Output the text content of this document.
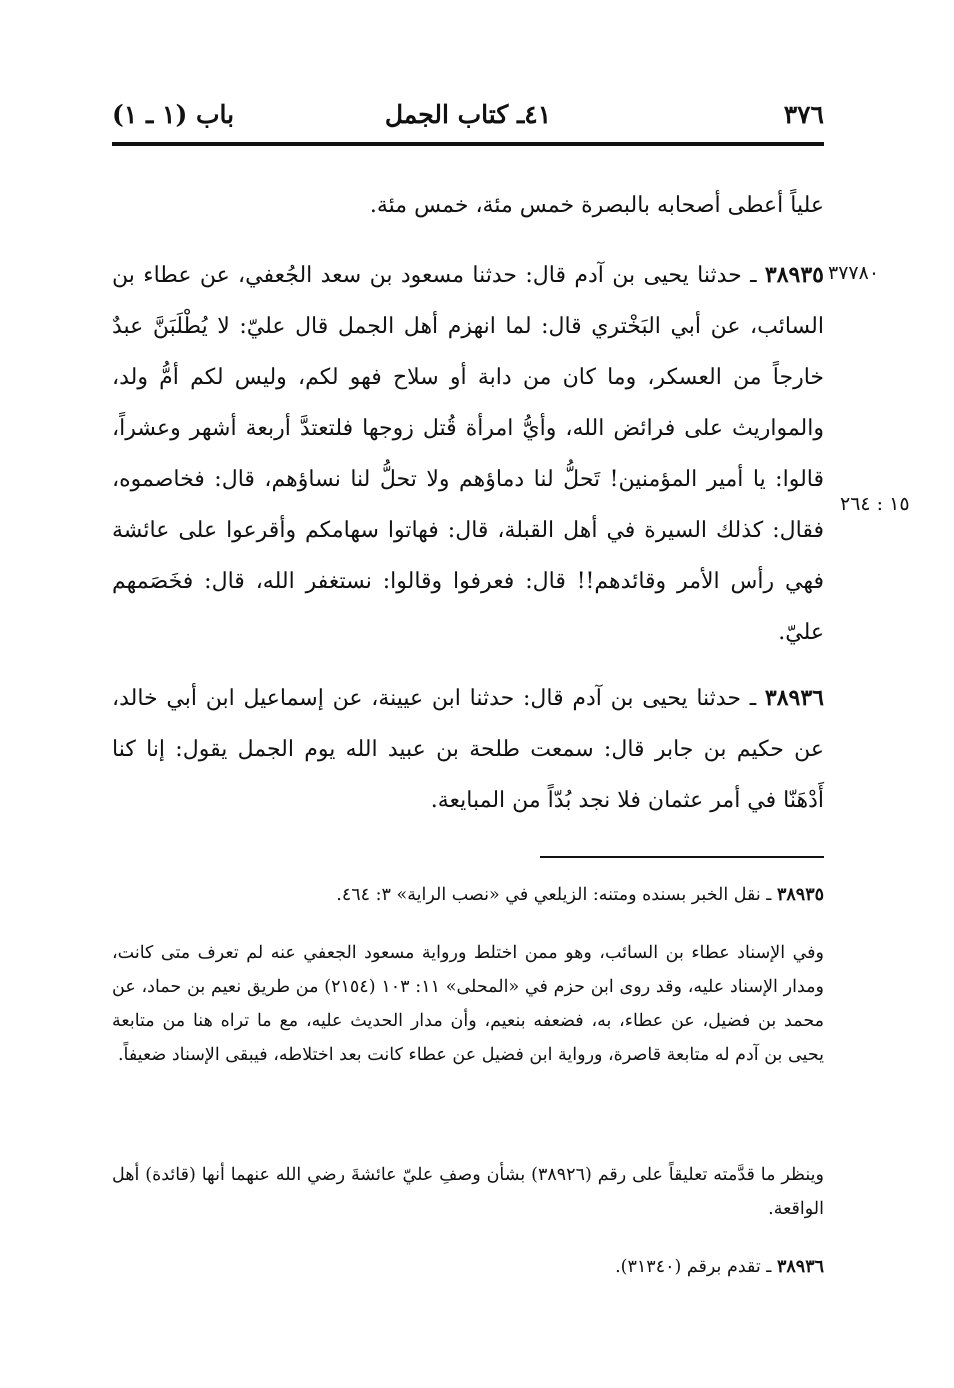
٣٧٦
٤١ـ كتاب الجمل
باب (١ ـ ١)
علياً أعطى أصحابه بالبصرة خمس مئة، خمس مئة.
٣٧٧٨٠
١٥ : ٢٦٤
٣٨٩٣٥ ـ حدثنا يحيى بن آدم قال: حدثنا مسعود بن سعد الجُعفي، عن عطاء بن السائب، عن أبي البَخْتري قال: لما انهزم أهل الجمل قال عليّ: لا يُطْلَبَنَّ عبدٌ خارجاً من العسكر، وما كان من دابة أو سلاح فهو لكم، وليس لكم أمُّ ولد، والمواريث على فرائض الله، وأيُّ امرأة قُتل زوجها فلتعتدَّ أربعة أشهر وعشراً، قالوا: يا أمير المؤمنين! تَحلُّ لنا دماؤهم ولا تحلُّ لنا نساؤهم، قال: فخاصموه، فقال: كذلك السيرة في أهل القبلة، قال: فهاتوا سهامكم وأقرعوا على عائشة فهي رأس الأمر وقائدهم!! قال: فعرفوا وقالوا: نستغفر الله، قال: فخَصَمهم عليّ.
٣٨٩٣٦ ـ حدثنا يحيى بن آدم قال: حدثنا ابن عيينة، عن إسماعيل ابن أبي خالد، عن حكيم بن جابر قال: سمعت طلحة بن عبيد الله يوم الجمل يقول: إنا كنا أَدْهَنّا في أمر عثمان فلا نجد بُدّاً من المبايعة.
٣٨٩٣٥ ـ نقل الخبر بسنده ومتنه: الزيلعي في «نصب الراية» ٣: ٤٦٤.
وفي الإسناد عطاء بن السائب، وهو ممن اختلط ورواية مسعود الجعفي عنه لم تعرف متى كانت، ومدار الإسناد عليه، وقد روى ابن حزم في «المحلى» ١١: ١٠٣ (٢١٥٤) من طريق نعيم بن حماد، عن محمد بن فضيل، عن عطاء، به، فضعفه بنعيم، وأن مدار الحديث عليه، مع ما تراه هنا من متابعة يحيى بن آدم له متابعة قاصرة، ورواية ابن فضيل عن عطاء كانت بعد اختلاطه، فيبقى الإسناد ضعيفاً.
وينظر ما قدَّمته تعليقاً على رقم (٣٨٩٢٦) بشأن وصفِ عليّ عائشةَ رضي الله عنهما أنها (قائدة) أهل الواقعة.
٣٨٩٣٦ ـ تقدم برقم (٣١٣٤٠).
